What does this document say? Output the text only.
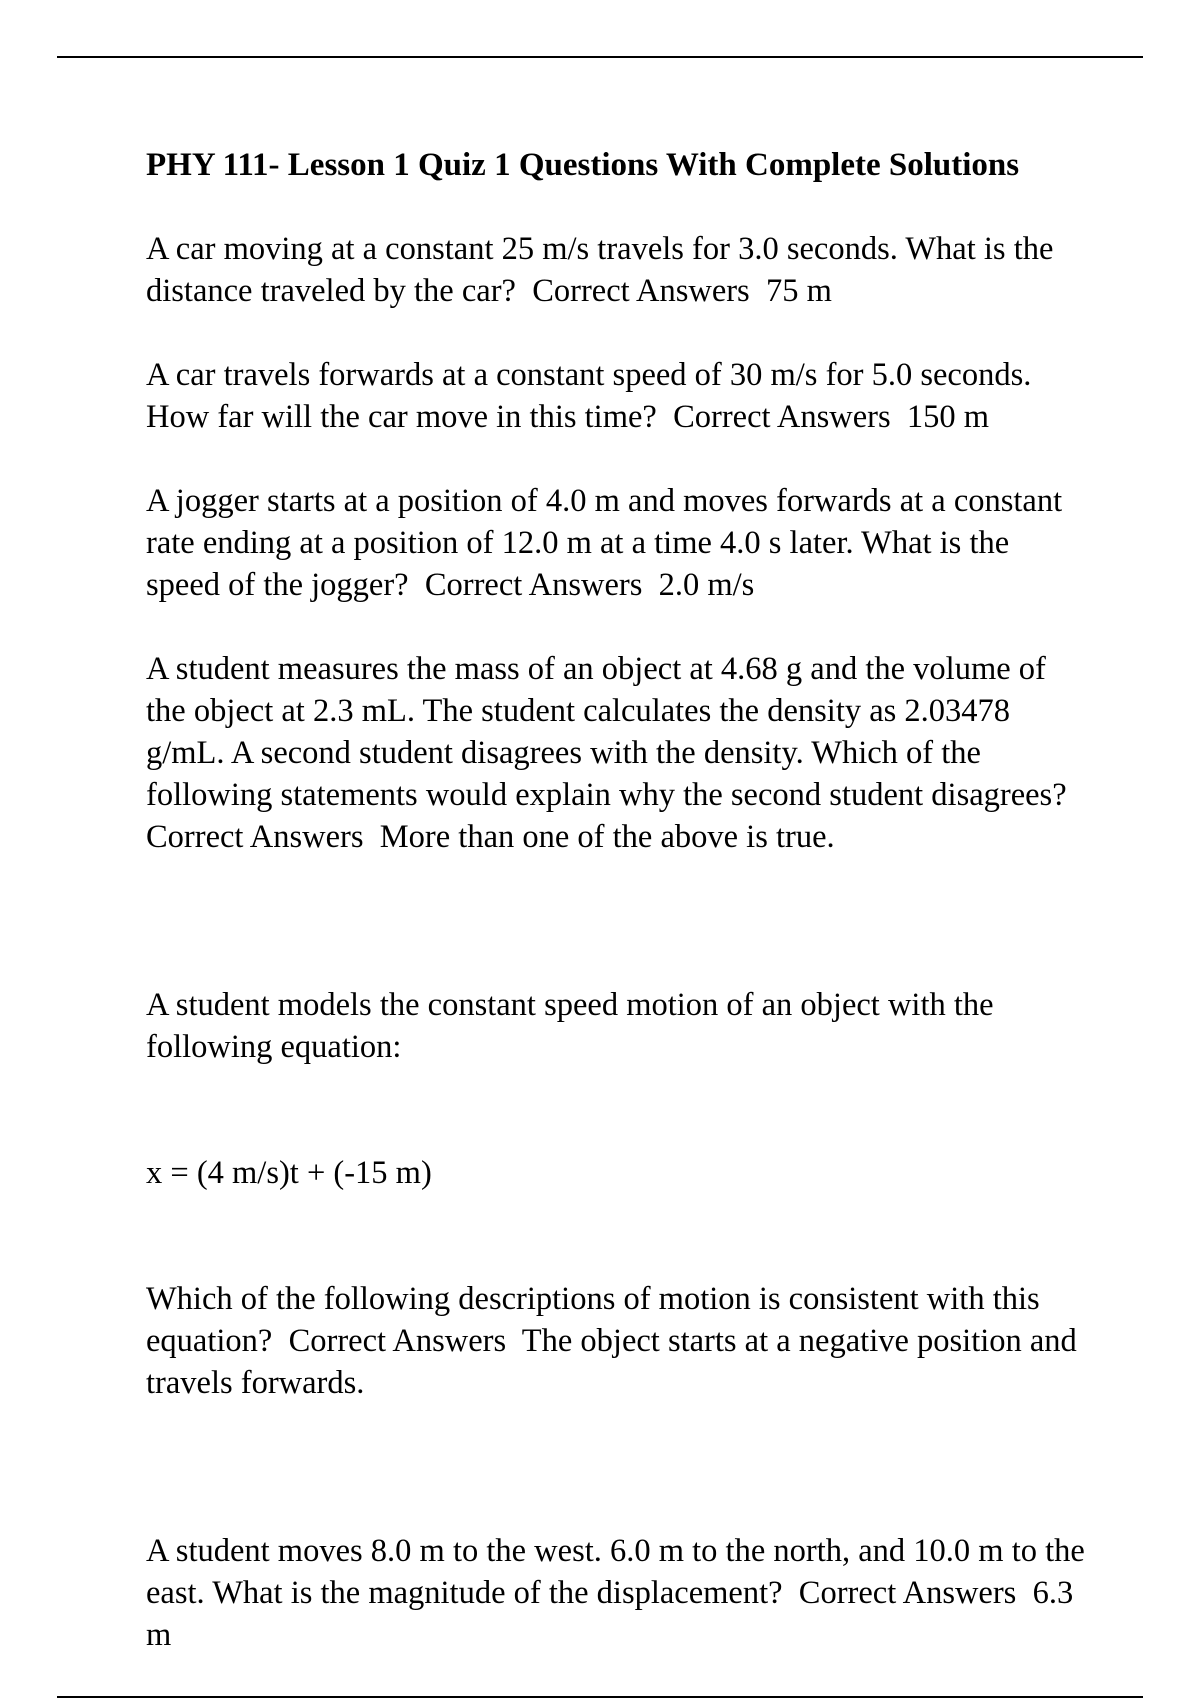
PHY 111- Lesson 1 Quiz 1 Questions With Complete Solutions
A car moving at a constant 25 m/s travels for 3.0 seconds. What is the distance traveled by the car?  Correct Answers  75 m
A car travels forwards at a constant speed of 30 m/s for 5.0 seconds. How far will the car move in this time?  Correct Answers  150 m
A jogger starts at a position of 4.0 m and moves forwards at a constant rate ending at a position of 12.0 m at a time 4.0 s later. What is the speed of the jogger?  Correct Answers  2.0 m/s
A student measures the mass of an object at 4.68 g and the volume of the object at 2.3 mL. The student calculates the density as 2.03478 g/mL. A second student disagrees with the density. Which of the following statements would explain why the second student disagrees?  Correct Answers  More than one of the above is true.

A student models the constant speed motion of an object with the following equation:

x = (4 m/s)t + (-15 m)

Which of the following descriptions of motion is consistent with this equation?  Correct Answers  The object starts at a negative position and travels forwards.

A student moves 8.0 m to the west. 6.0 m to the north, and 10.0 m to the east. What is the magnitude of the displacement?  Correct Answers  6.3 m
